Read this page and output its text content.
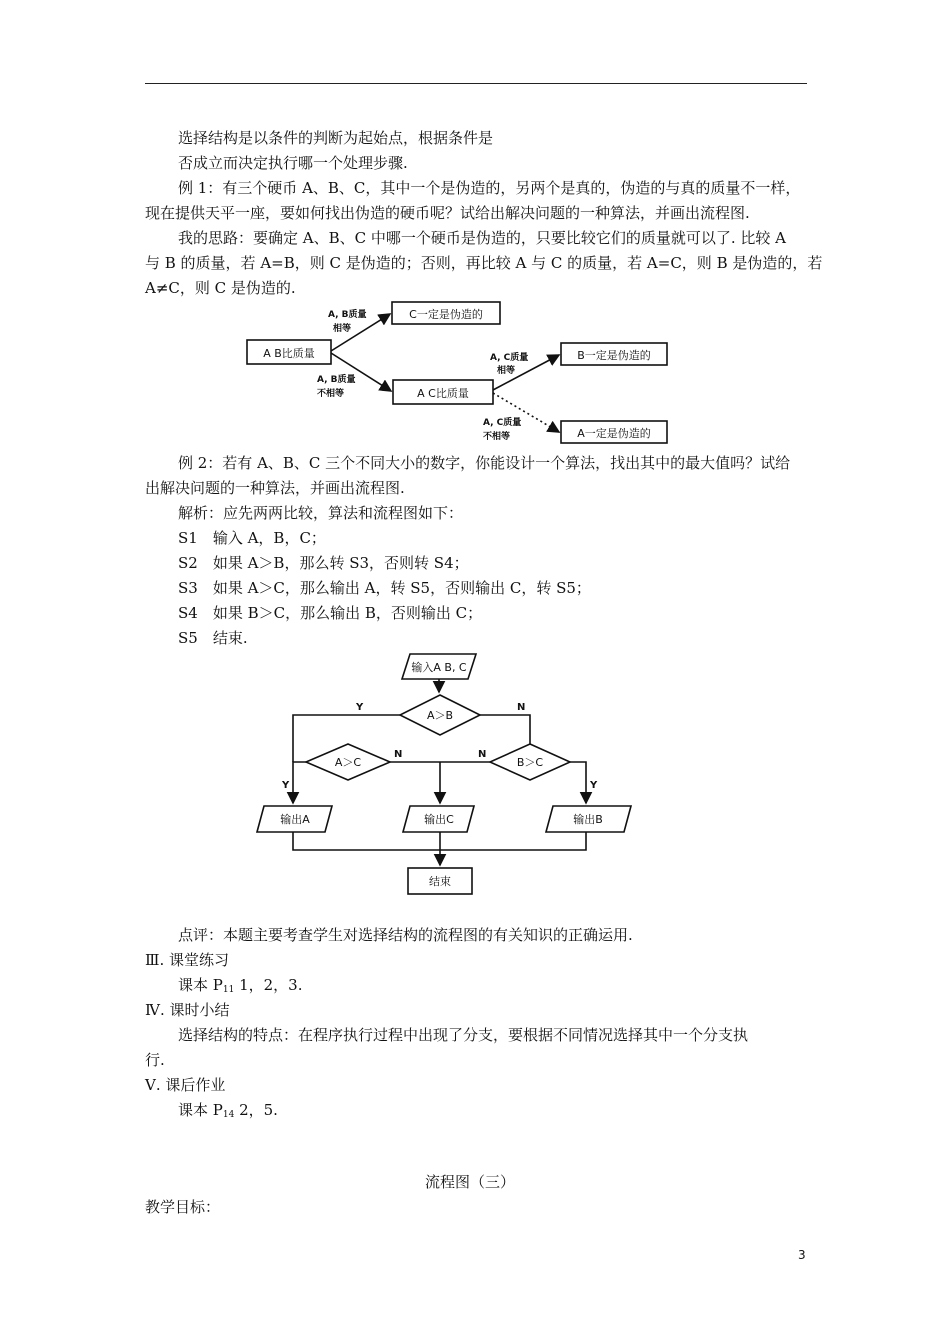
选择结构是以条件的判断为起始点，根据条件是
否成立而决定执行哪一个处理步骤.
例 1：有三个硬币 A、B、C，其中一个是伪造的，另两个是真的，伪造的与真的质量不一样，
现在提供天平一座，要如何找出伪造的硬币呢？试给出解决问题的一种算法，并画出流程图.
我的思路：要确定 A、B、C 中哪一个硬币是伪造的，只要比较它们的质量就可以了. 比较 A
与 B 的质量，若 A=B，则 C 是伪造的；否则，再比较 A 与 C 的质量，若 A=C，则 B 是伪造的，若
A≠C，则 C 是伪造的.
A B比质量
C一定是伪造的
A C比质量
B一定是伪造的
A一定是伪造的
A, B质量
相等
A, B质量
不相等
A, C质量
相等
A, C质量
不相等
例 2：若有 A、B、C 三个不同大小的数字，你能设计一个算法，找出其中的最大值吗？试给
出解决问题的一种算法，并画出流程图.
解析：应先两两比较，算法和流程图如下：
S1　输入 A，B，C；
S2　如果 A＞B，那么转 S3，否则转 S4；
S3　如果 A＞C，那么输出 A，转 S5，否则输出 C，转 S5；
S4　如果 B＞C，那么输出 B，否则输出 C；
S5　结束.
输入A B, C
A＞B
A＞C	B＞C
输出A	输出C	输出B
结束
Y	N
N	N
Y	Y
点评：本题主要考查学生对选择结构的流程图的有关知识的正确运用.
Ⅲ. 课堂练习
课本 $P_{11}$ 1，2，3.
Ⅳ. 课时小结
选择结构的特点：在程序执行过程中出现了分支，要根据不同情况选择其中一个分支执
行.
Ⅴ. 课后作业
课本 $P_{14}$ 2，5.
流程图（三）
教学目标：
3
